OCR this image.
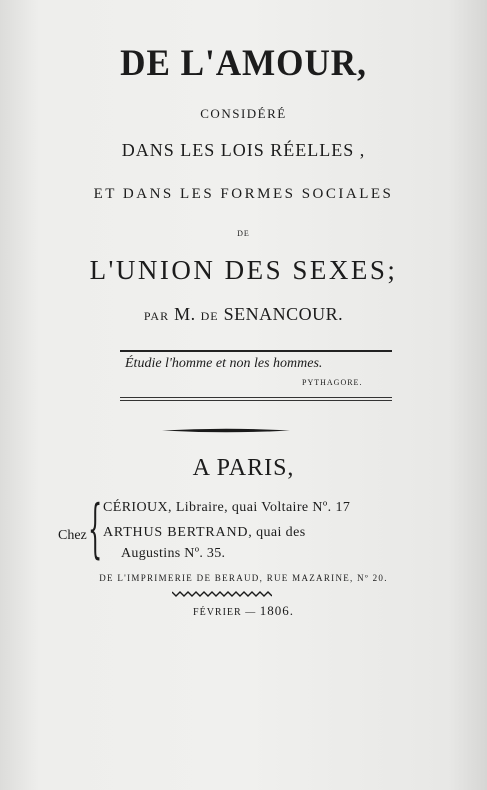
DE L'AMOUR,
CONSIDÉRÉ
DANS LES LOIS RÉELLES ,
ET DANS LES FORMES SOCIALES
DE
L'UNION DES SEXES;
PAR M. DE SENANCOUR.
Étudie l'homme et non les hommes.
PYTHAGORE.
A PARIS,
Chez { CÉRIOUX, Libraire, quai Voltaire Nº. 17
ARTHUS BERTRAND, quai des
Augustins Nº. 35.
DE L'IMPRIMERIE DE BERAUD, RUE MAZARINE, Nº 20.
FÉVRIER — 1806.
